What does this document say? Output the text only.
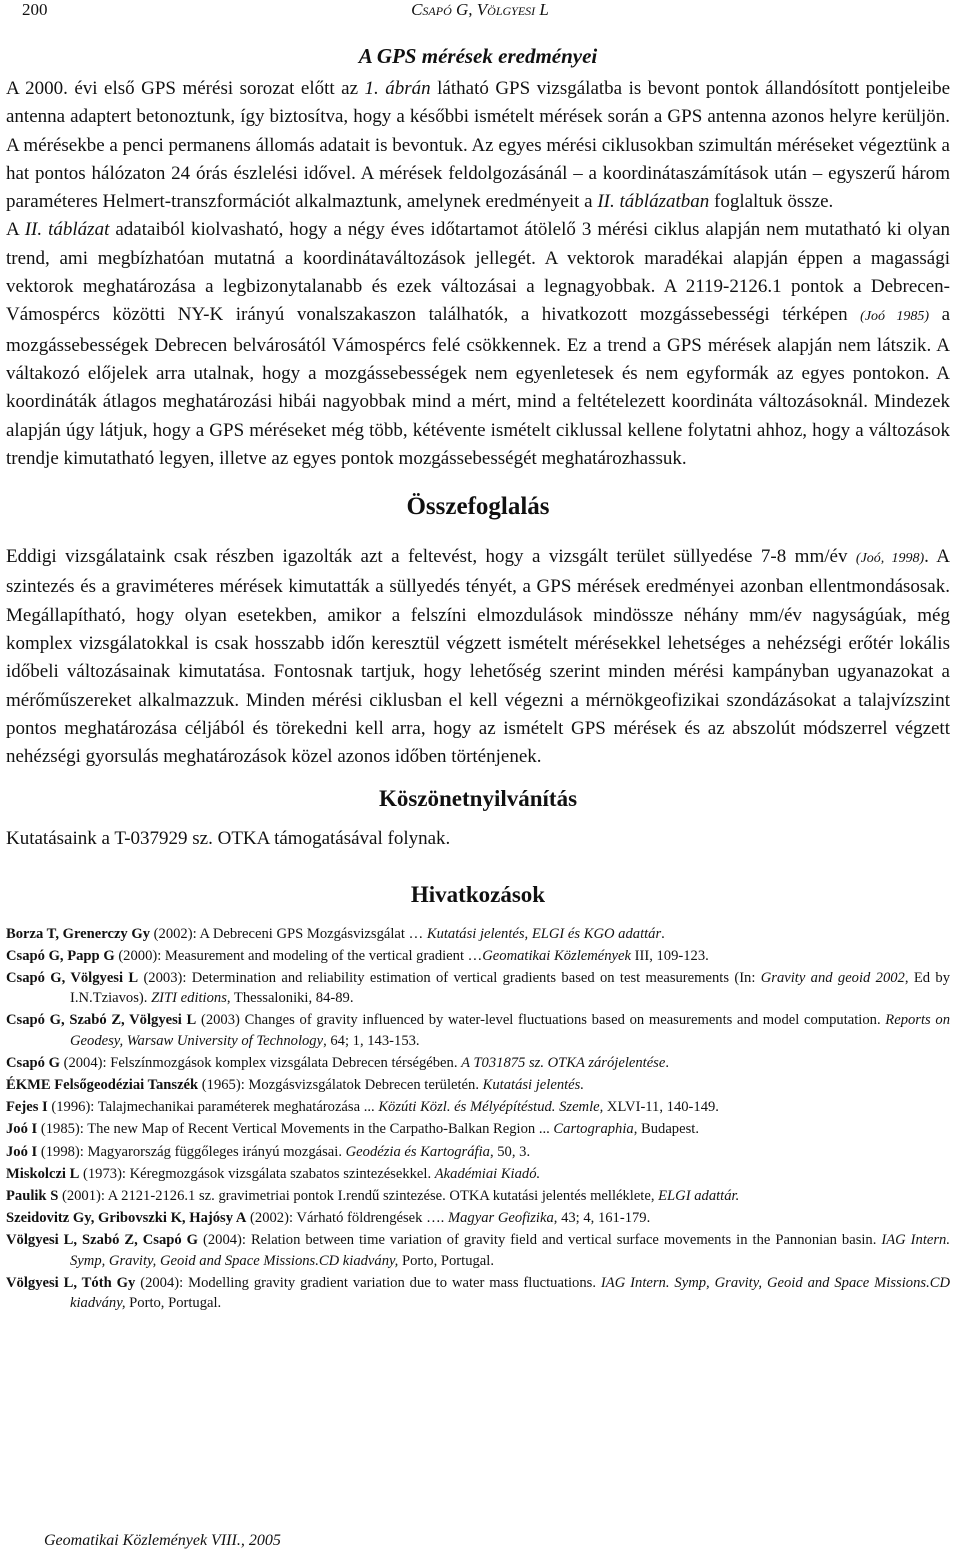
200	Csapó G, Völgyesi L
A GPS mérések eredményei

A 2000. évi első GPS mérési sorozat előtt az 1. ábrán látható GPS vizsgálatba is bevont pontok állandósított pontjeleibe antenna adaptert betonoztunk, így biztosítva, hogy a későbbi ismételt mérések során a GPS antenna azonos helyre kerüljön. A mérésekbe a penci permanens állomás adatait is bevontuk. Az egyes mérési ciklusokban szimultán méréseket végeztünk a hat pontos hálózaton 24 órás észlelési idővel. A mérések feldolgozásánál – a koordinátaszámítások után – egyszerű három paraméteres Helmert-transzformációt alkalmaztunk, amelynek eredményeit a II. táblázatban foglaltuk össze.

A II. táblázat adataiból kiolvasható, hogy a négy éves időtartamot átölelő 3 mérési ciklus alapján nem mutatható ki olyan trend, ami megbízhatóan mutatná a koordinátaváltozások jellegét. A vektorok maradékai alapján éppen a magassági vektorok meghatározása a legbizonytalanabb és ezek változásai a legnagyobbak. A 2119-2126.1 pontok a Debrecen-Vámospércs közötti NY-K irányú vonalszakaszon találhatók, a hivatkozott mozgássebességi térképen (Joó 1985) a mozgássebességek Debrecen belvárosától Vámospércs felé csökkennek. Ez a trend a GPS mérések alapján nem látszik. A váltakozó előjelek arra utalnak, hogy a mozgássebességek nem egyenletesek és nem egyformák az egyes pontokon. A koordináták átlagos meghatározási hibái nagyobbak mind a mért, mind a feltételezett koordináta változásoknál. Mindezek alapján úgy látjuk, hogy a GPS méréseket még több, kétévente ismételt ciklussal kellene folytatni ahhoz, hogy a változások trendje kimutatható legyen, illetve az egyes pontok mozgássebességét meghatározhassuk.

Összefoglalás

Eddigi vizsgálataink csak részben igazolták azt a feltevést, hogy a vizsgált terület süllyedése 7-8 mm/év (Joó, 1998). A szintezés és a graviméteres mérések kimutatták a süllyedés tényét, a GPS mérések eredményei azonban ellentmondásosak. Megállapítható, hogy olyan esetekben, amikor a felszíni elmozdulások mindössze néhány mm/év nagyságúak, még komplex vizsgálatokkal is csak hosszabb időn keresztül végzett ismételt mérésekkel lehetséges a nehézségi erőtér lokális időbeli változásainak kimutatása. Fontosnak tartjuk, hogy lehetőség szerint minden mérési kampányban ugyanazokat a mérőműszereket alkalmazzuk. Minden mérési ciklusban el kell végezni a mérnökgeofizikai szondázásokat a talajvízszint pontos meghatározása céljából és törekedni kell arra, hogy az ismételt GPS mérések és az abszolút módszerrel végzett nehézségi gyorsulás meghatározások közel azonos időben történjenek.

Köszönetnyilvánítás

Kutatásaink a T-037929 sz. OTKA támogatásával folynak.

Hivatkozások

Borza T, Grenerczy Gy (2002): A Debreceni GPS Mozgásvizsgálat … Kutatási jelentés, ELGI és KGO adattár.

Csapó G, Papp G (2000): Measurement and modeling of the vertical gradient …Geomatikai Közlemények III, 109-123.

Csapó G, Völgyesi L (2003): Determination and reliability estimation of vertical gradients based on test measurements (In: Gravity and geoid 2002, Ed by I.N.Tziavos). ZITI editions, Thessaloniki, 84-89.

Csapó G, Szabó Z, Völgyesi L (2003) Changes of gravity influenced by water-level fluctuations based on measurements and model computation. Reports on Geodesy, Warsaw University of Technology, 64; 1, 143-153.

Csapó G (2004): Felszínmozgások komplex vizsgálata Debrecen térségében. A T031875 sz. OTKA zárójelentése.

ÉKME Felsőgeodéziai Tanszék (1965): Mozgásvizsgálatok Debrecen területén. Kutatási jelentés.

Fejes I (1996): Talajmechanikai paraméterek meghatározása ... Közúti Közl. és Mélyépítéstud. Szemle, XLVI-11, 140-149.

Joó I (1985): The new Map of Recent Vertical Movements in the Carpatho-Balkan Region ... Cartographia, Budapest.

Joó I (1998): Magyarország függőleges irányú mozgásai. Geodézia és Kartográfia, 50, 3.

Miskolczi L (1973): Kéregmozgások vizsgálata szabatos szintezésekkel. Akadémiai Kiadó.

Paulik S (2001): A 2121-2126.1 sz. gravimetriai pontok I.rendű szintezése. OTKA kutatási jelentés melléklete, ELGI adattár.

Szeidovitz Gy, Gribovszki K, Hajósy A (2002): Várható földrengések …. Magyar Geofizika, 43; 4, 161-179.

Völgyesi L, Szabó Z, Csapó G (2004): Relation between time variation of gravity field and vertical surface movements in the Pannonian basin. IAG Intern. Symp, Gravity, Geoid and Space Missions.CD kiadvány, Porto, Portugal.

Völgyesi L, Tóth Gy (2004): Modelling gravity gradient variation due to water mass fluctuations. IAG Intern. Symp, Gravity, Geoid and Space Missions.CD kiadvány, Porto, Portugal.

Geomatikai Közlemények VIII., 2005
